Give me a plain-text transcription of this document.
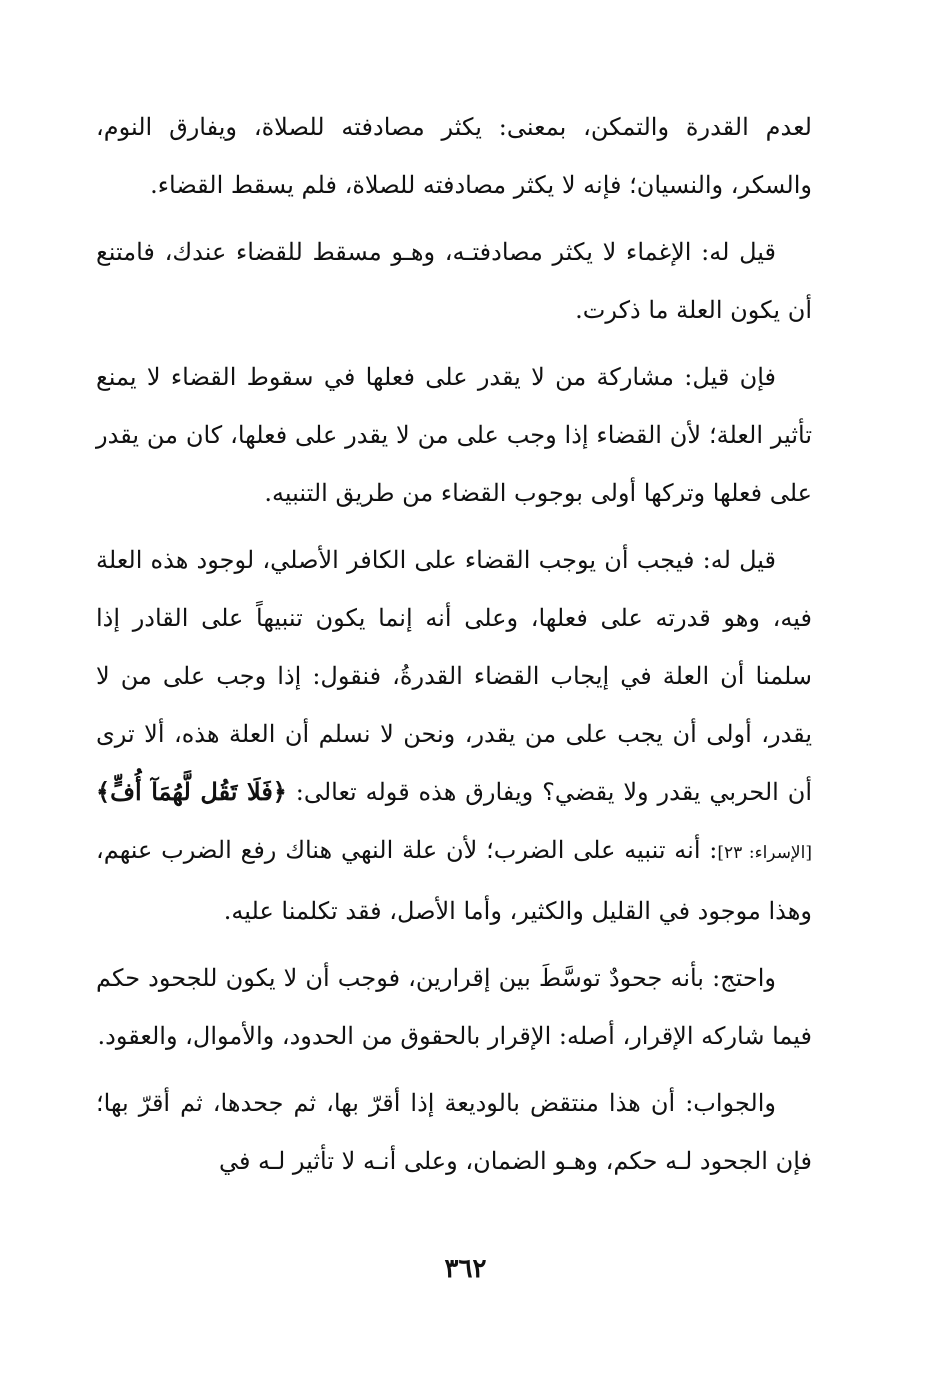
لعدم القدرة والتمكن، بمعنى: يكثر مصادفته للصلاة، ويفارق النوم، والسكر، والنسيان؛ فإنه لا يكثر مصادفته للصلاة، فلم يسقط القضاء.

قيل له: الإغماء لا يكثر مصادفتـه، وهـو مسقط للقضاء عندك، فامتنع أن يكون العلة ما ذكرت.

فإن قيل: مشاركة من لا يقدر على فعلها في سقوط القضاء لا يمنع تأثير العلة؛ لأن القضاء إذا وجب على من لا يقدر على فعلها، كان من يقدر على فعلها وتركها أولى بوجوب القضاء من طريق التنبيه.

قيل له: فيجب أن يوجب القضاء على الكافر الأصلي، لوجود هذه العلة فيه، وهو قدرته على فعلها، وعلى أنه إنما يكون تنبيهاً على القادر إذا سلمنا أن العلة في إيجاب القضاء القدرةُ، فنقول: إذا وجب على من لا يقدر، أولى أن يجب على من يقدر، ونحن لا نسلم أن العلة هذه، ألا ترى أن الحربي يقدر ولا يقضي؟ ويفارق هذه قوله تعالى: ﴿فَلَا تَقُل لَّهُمَآ أُفٍّ﴾[الإسراء: ٢٣]: أنه تنبيه على الضرب؛ لأن علة النهي هناك رفع الضرب عنهم، وهذا موجود في القليل والكثير، وأما الأصل، فقد تكلمنا عليه.

واحتج: بأنه جحودٌ توسَّطَ بين إقرارين، فوجب أن لا يكون للجحود حكم فيما شاركه الإقرار، أصله: الإقرار بالحقوق من الحدود، والأموال، والعقود.

والجواب: أن هذا منتقض بالوديعة إذا أقرّ بها، ثم جحدها، ثم أقرّ بها؛ فإن الجحود لـه حكم، وهـو الضمان، وعلى أنـه لا تأثير لـه في

٣٦٢
